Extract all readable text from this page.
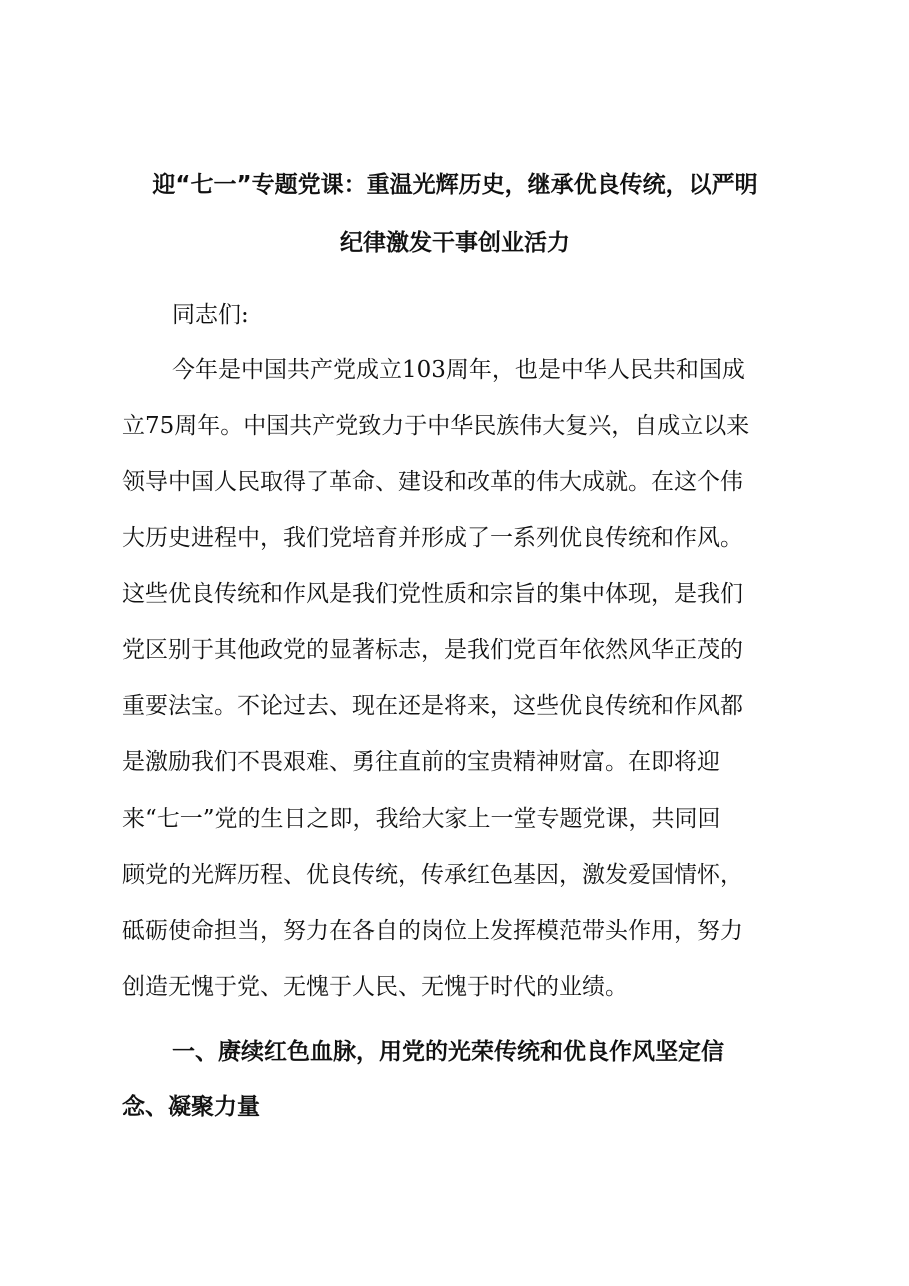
迎“七一”专题党课：重温光辉历史，继承优良传统，以严明
纪律激发干事创业活力
同志们:
今年是中国共产党成立103周年，也是中华人民共和国成
立75周年。中国共产党致力于中华民族伟大复兴，自成立以来
领导中国人民取得了革命、建设和改革的伟大成就。在这个伟
大历史进程中，我们党培育并形成了一系列优良传统和作风。
这些优良传统和作风是我们党性质和宗旨的集中体现，是我们
党区别于其他政党的显著标志，是我们党百年依然风华正茂的
重要法宝。不论过去、现在还是将来，这些优良传统和作风都
是激励我们不畏艰难、勇往直前的宝贵精神财富。在即将迎
来“七一”党的生日之即，我给大家上一堂专题党课，共同回
顾党的光辉历程、优良传统，传承红色基因，激发爱国情怀，
砥砺使命担当，努力在各自的岗位上发挥模范带头作用，努力
创造无愧于党、无愧于人民、无愧于时代的业绩。
一、赓续红色血脉，用党的光荣传统和优良作风坚定信
念、凝聚力量
